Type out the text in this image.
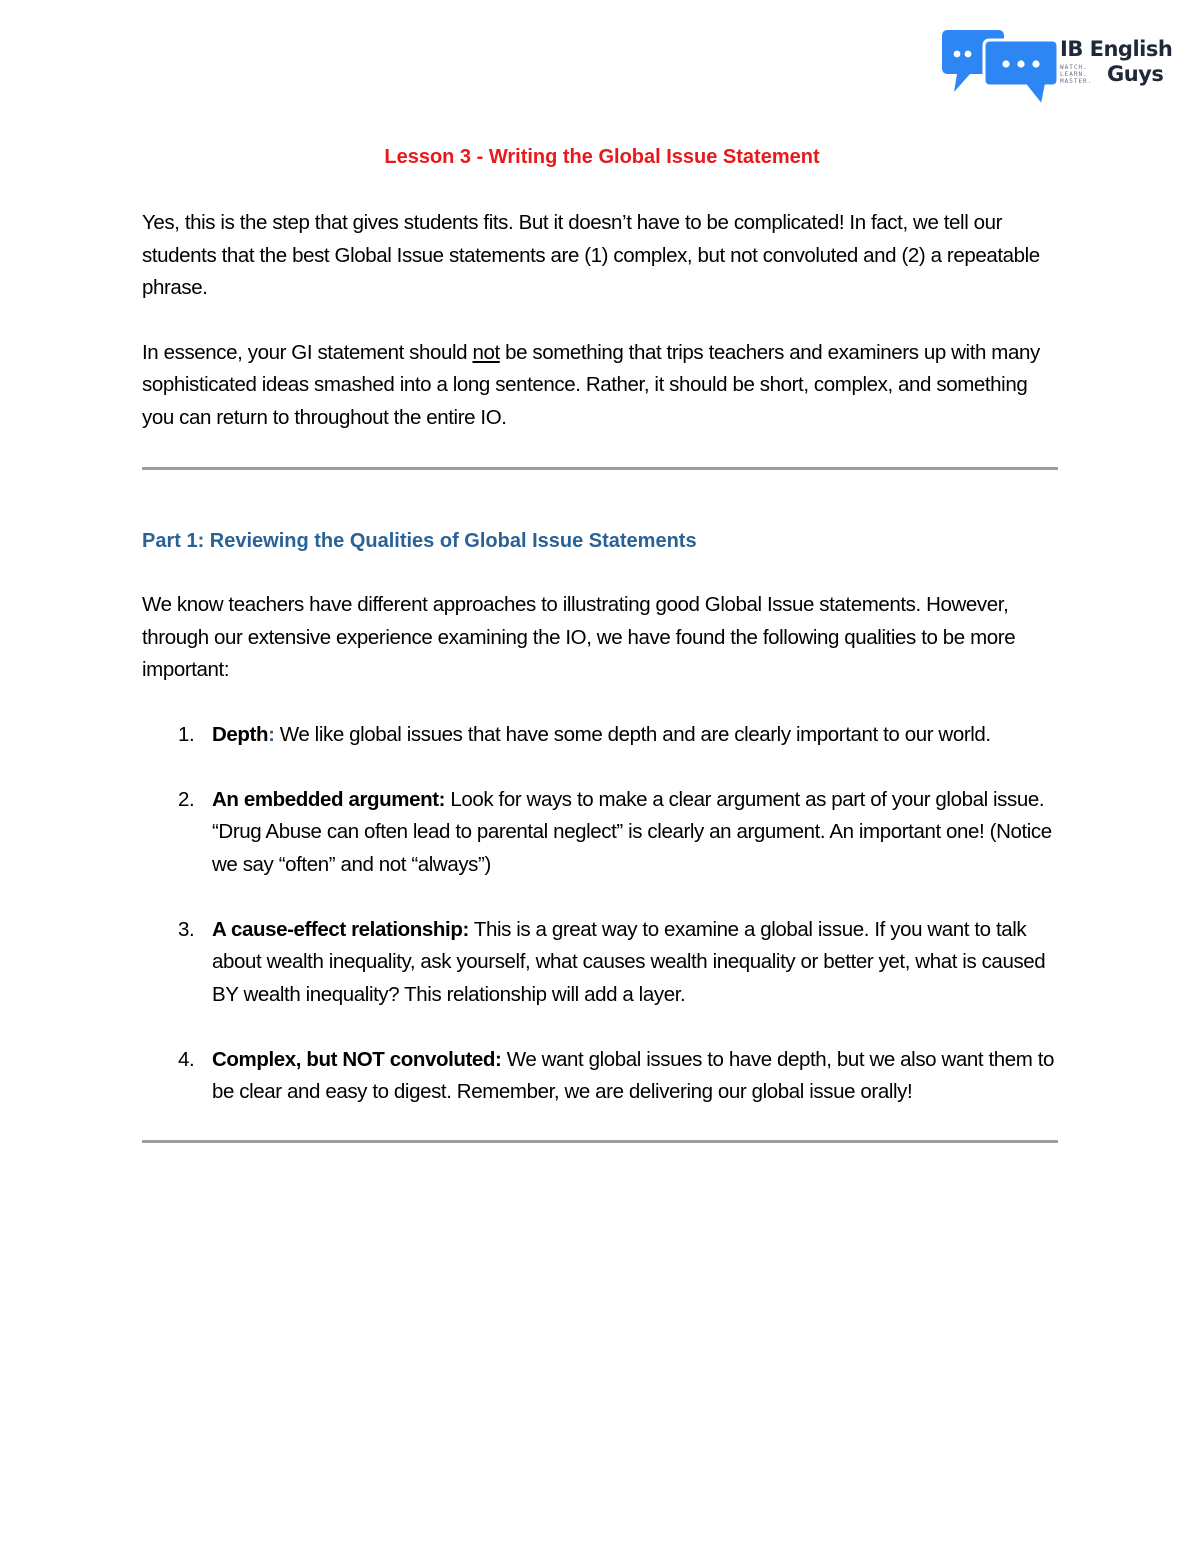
IB English
WATCH.
LEARN.
MASTER. Guys
Lesson 3 - Writing the Global Issue Statement

Yes, this is the step that gives students fits. But it doesn’t have to be complicated! In fact, we tell our students that the best Global Issue statements are (1) complex, but not convoluted and (2) a repeatable phrase.

In essence, your GI statement should not be something that trips teachers and examiners up with many sophisticated ideas smashed into a long sentence. Rather, it should be short, complex, and something you can return to throughout the entire IO.

Part 1: Reviewing the Qualities of Global Issue Statements

We know teachers have different approaches to illustrating good Global Issue statements. However, through our extensive experience examining the IO, we have found the following qualities to be more important:

1. Depth: We like global issues that have some depth and are clearly important to our world.
2. An embedded argument: Look for ways to make a clear argument as part of your global issue. “Drug Abuse can often lead to parental neglect” is clearly an argument. An important one! (Notice we say “often” and not “always”)
3. A cause-effect relationship: This is a great way to examine a global issue. If you want to talk about wealth inequality, ask yourself, what causes wealth inequality or better yet, what is caused BY wealth inequality? This relationship will add a layer.
4. Complex, but NOT convoluted: We want global issues to have depth, but we also want them to be clear and easy to digest. Remember, we are delivering our global issue orally!
